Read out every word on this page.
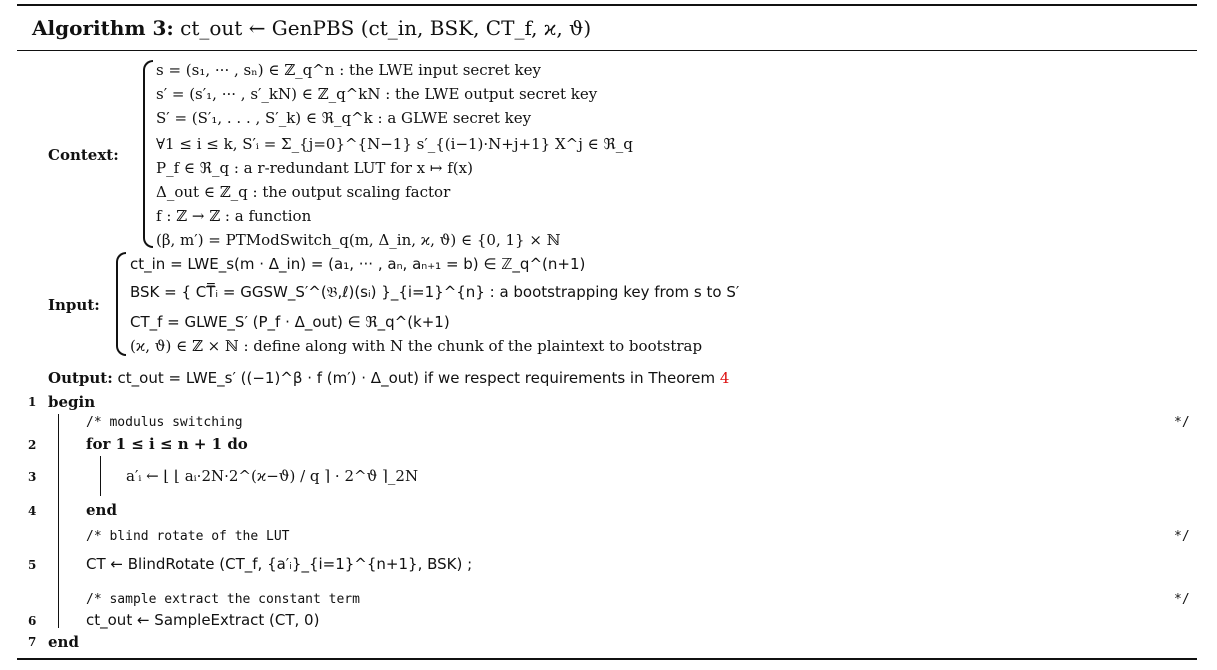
Algorithm 3: ct_out ← GenPBS (ct_in, BSK, CT_f, ϰ, ϑ)
Context:
s = (s₁, ··· , sₙ) ∈ ℤ_q^n : the LWE input secret key
s′ = (s′₁, ··· , s′_kN) ∈ ℤ_q^kN : the LWE output secret key
S′ = (S′₁, . . . , S′_k) ∈ ℜ_q^k : a GLWE secret key
∀1 ≤ i ≤ k, S′ᵢ = Σ_{j=0}^{N−1} s′_{(i−1)·N+j+1} X^j ∈ ℜ_q
P_f ∈ ℜ_q : a r-redundant LUT for x ↦ f(x)
Δ_out ∈ ℤ_q : the output scaling factor
f : ℤ → ℤ : a function
(β, m′) = PTModSwitch_q(m, Δ_in, ϰ, ϑ) ∈ {0, 1} × ℕ
Input:
ct_in = LWE_s(m · Δ_in) = (a₁, ··· , aₙ, aₙ₊₁ = b) ∈ ℤ_q^(n+1)
BSK = { CT̿ᵢ = GGSW_S′^(𝔅,ℓ)(sᵢ) }_{i=1}^{n} : a bootstrapping key from s to S′
CT_f = GLWE_S′ (P_f · Δ_out) ∈ ℜ_q^(k+1)
(ϰ, ϑ) ∈ ℤ × ℕ : define along with N the chunk of the plaintext to bootstrap
Output: ct_out = LWE_s′ ((−1)^β · f (m′) · Δ_out) if we respect requirements in Theorem 4
1 begin
/* modulus switching	*/
2	for 1 ≤ i ≤ n + 1 do
3	a′ᵢ ← ⌊ ⌊ aᵢ·2N·2^(ϰ−ϑ) / q ⌉ · 2^ϑ ⌉_2N
4	end
/* blind rotate of the LUT	*/
5	CT ← BlindRotate (CT_f, {a′ᵢ}_{i=1}^{n+1}, BSK) ;
/* sample extract the constant term	*/
6	ct_out ← SampleExtract (CT, 0)
7 end
